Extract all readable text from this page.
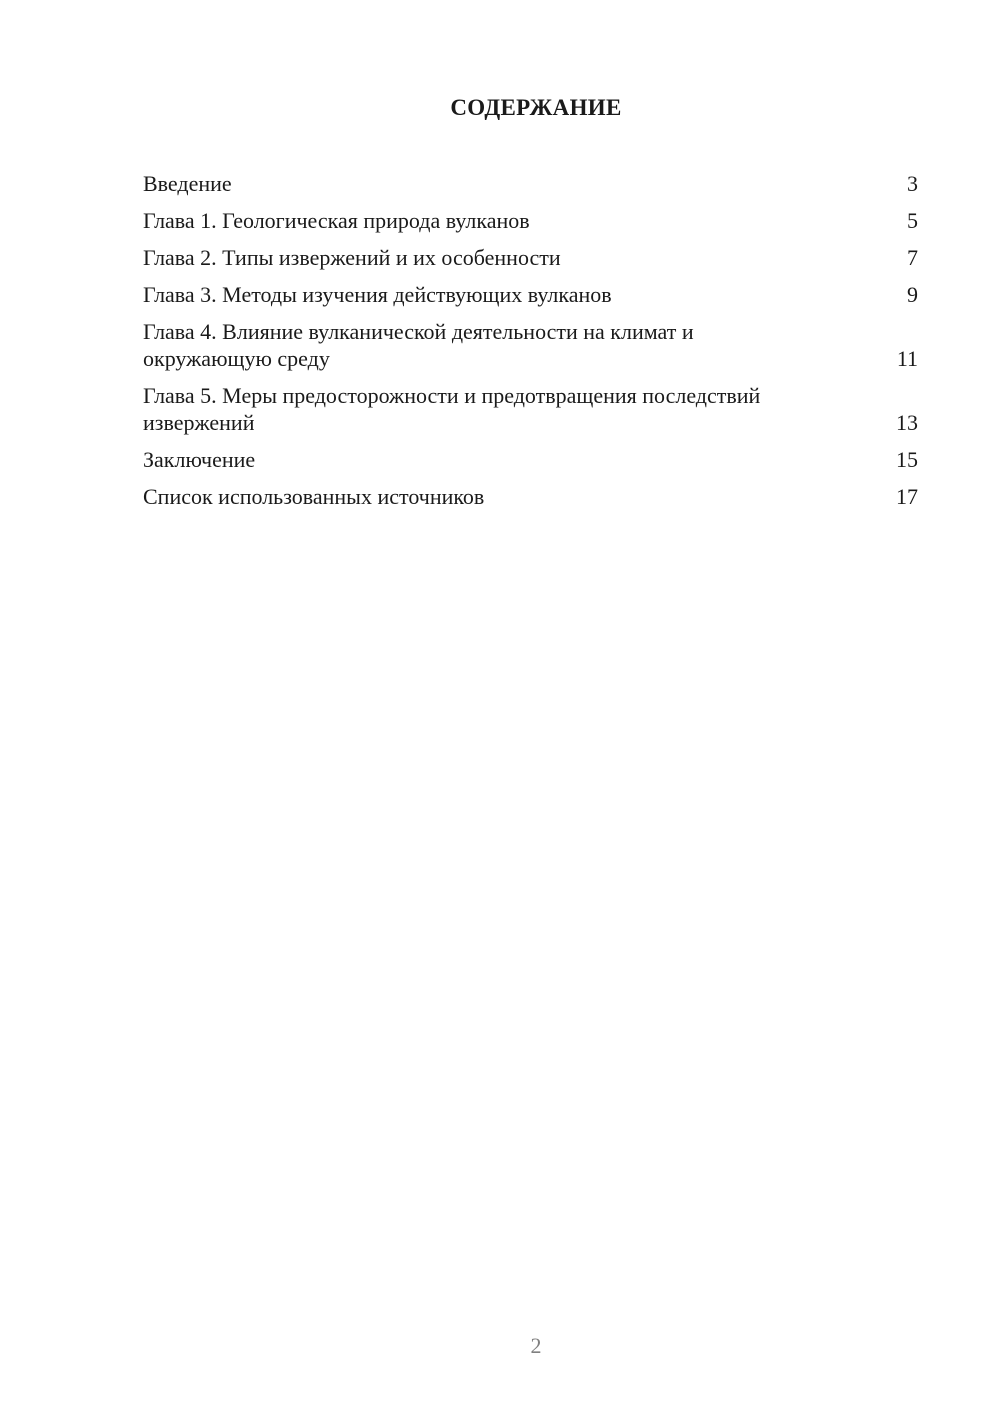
СОДЕРЖАНИЕ
Введение	3
Глава 1. Геологическая природа вулканов	5
Глава 2. Типы извержений и их особенности	7
Глава 3. Методы изучения действующих вулканов	9
Глава 4. Влияние вулканической деятельности на климат и окружающую среду	11
Глава 5. Меры предосторожности и предотвращения последствий извержений	13
Заключение	15
Список использованных источников	17
2
